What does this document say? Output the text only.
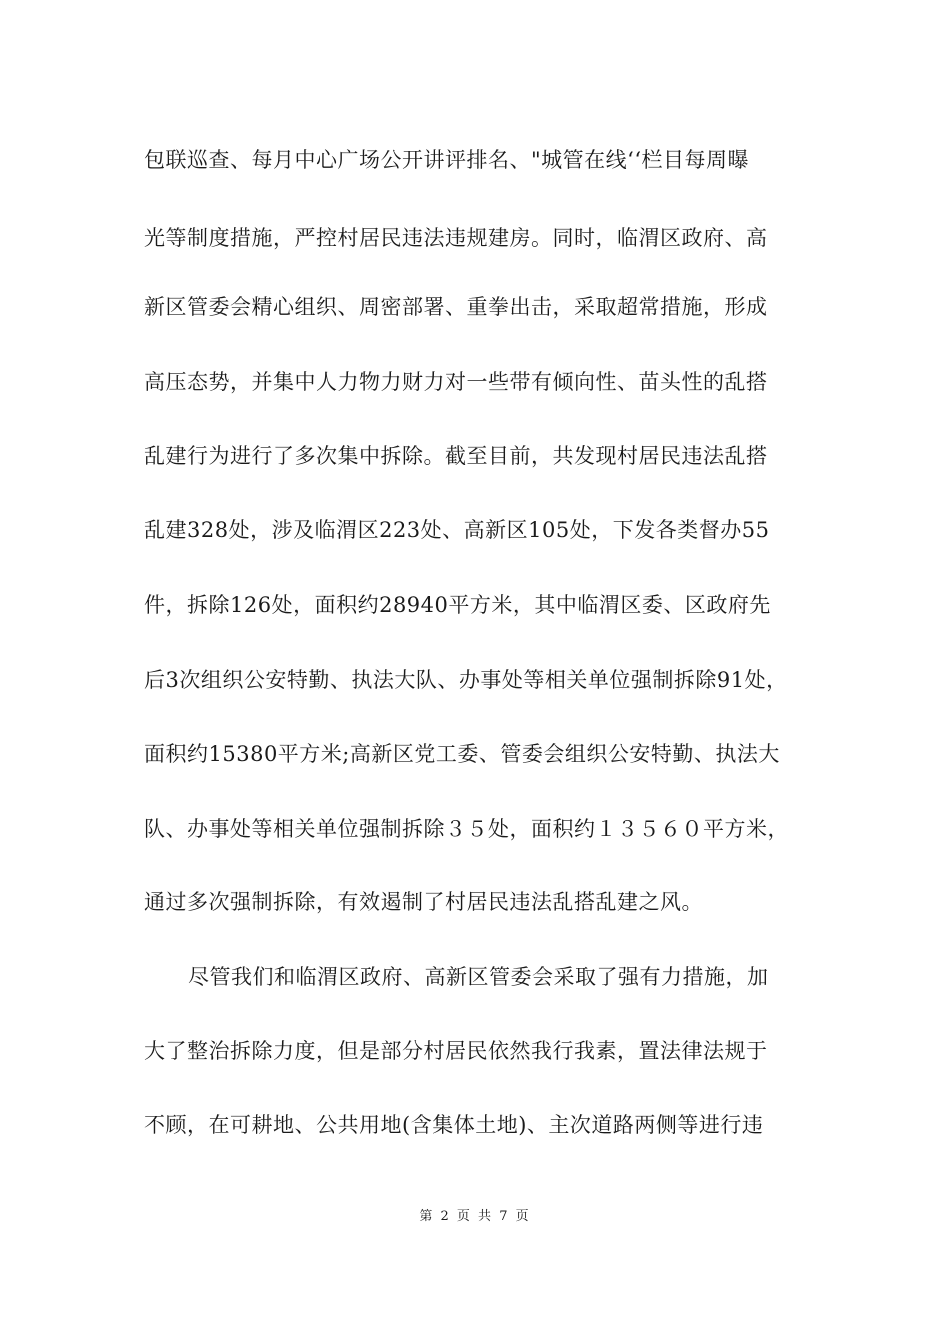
包联巡查、每月中心广场公开讲评排名、"城管在线‘‘栏目每周曝
光等制度措施，严控村居民违法违规建房。同时，临渭区政府、高
新区管委会精心组织、周密部署、重拳出击，采取超常措施，形成
高压态势，并集中人力物力财力对一些带有倾向性、苗头性的乱搭
乱建行为进行了多次集中拆除。截至目前，共发现村居民违法乱搭
乱建328处，涉及临渭区223处、高新区105处，下发各类督办55
件，拆除126处，面积约28940平方米，其中临渭区委、区政府先
后3次组织公安特勤、执法大队、办事处等相关单位强制拆除91处，
面积约15380平方米;高新区党工委、管委会组织公安特勤、执法大
队、办事处等相关单位强制拆除３５处，面积约１３５６０平方米，
通过多次强制拆除，有效遏制了村居民违法乱搭乱建之风。
尽管我们和临渭区政府、高新区管委会采取了强有力措施，加
大了整治拆除力度，但是部分村居民依然我行我素，置法律法规于
不顾，在可耕地、公共用地(含集体土地)、主次道路两侧等进行违
第 2 页 共 7 页
